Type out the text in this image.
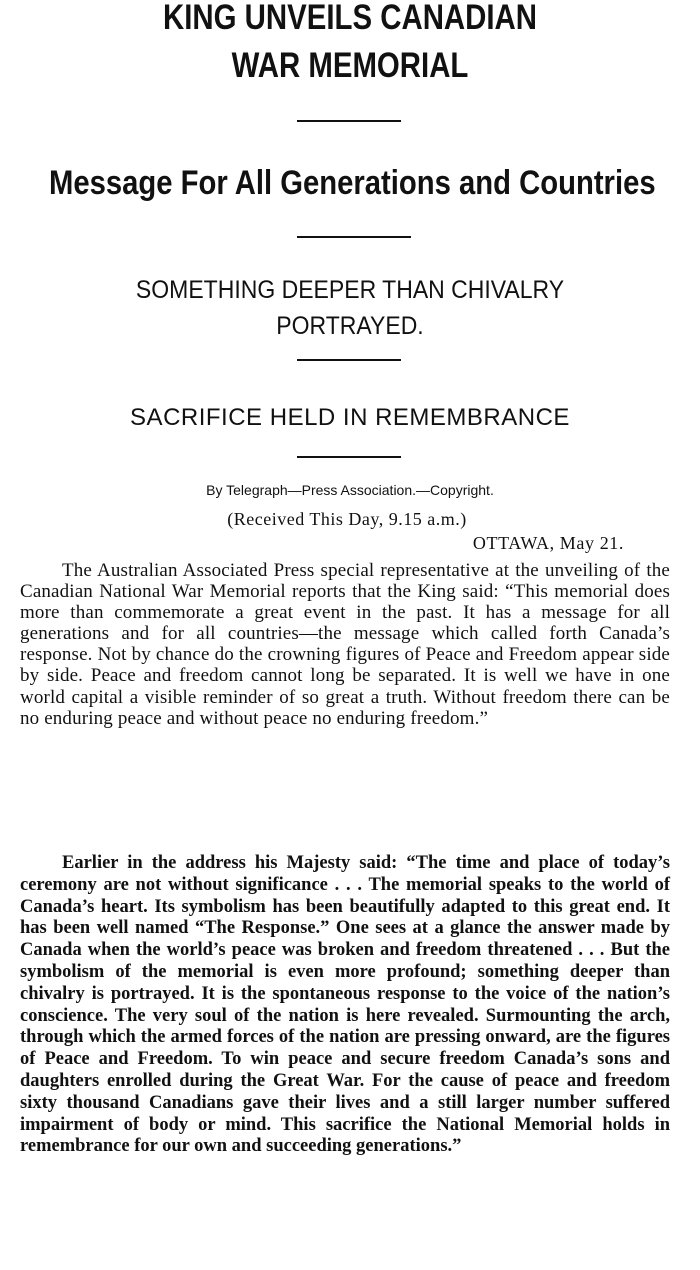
KING UNVEILS CANADIAN
WAR MEMORIAL
Message For All Generations and Countries
SOMETHING DEEPER THAN CHIVALRY
PORTRAYED.
SACRIFICE HELD IN REMEMBRANCE
By Telegraph—Press Association.—Copyright.
(Received This Day, 9.15 a.m.)
OTTAWA, May 21.

The Australian Associated Press special representative at the unveiling of the Canadian National War Memorial reports that the King said: “This memorial does more than commemorate a great event in the past. It has a message for all generations and for all countries—the message which called forth Canada’s response. Not by chance do the crowning figures of Peace and Freedom appear side by side. Peace and freedom cannot long be separated. It is well we have in one world capital a visible reminder of so great a truth. Without freedom there can be no enduring peace and without peace no enduring freedom.”

Earlier in the address his Majesty said: “The time and place of today’s ceremony are not without significance . . . The memorial speaks to the world of Canada’s heart. Its symbolism has been beautifully adapted to this great end. It has been well named “The Response.” One sees at a glance the answer made by Canada when the world’s peace was broken and freedom threatened . . . But the symbolism of the memorial is even more profound; something deeper than chivalry is portrayed. It is the spontaneous response to the voice of the nation’s conscience. The very soul of the nation is here revealed. Surmounting the arch, through which the armed forces of the nation are pressing onward, are the figures of Peace and Freedom. To win peace and secure freedom Canada’s sons and daughters enrolled during the Great War. For the cause of peace and freedom sixty thousand Canadians gave their lives and a still larger number suffered impairment of body or mind. This sacrifice the National Memorial holds in remembrance for our own and succeeding generations.”
